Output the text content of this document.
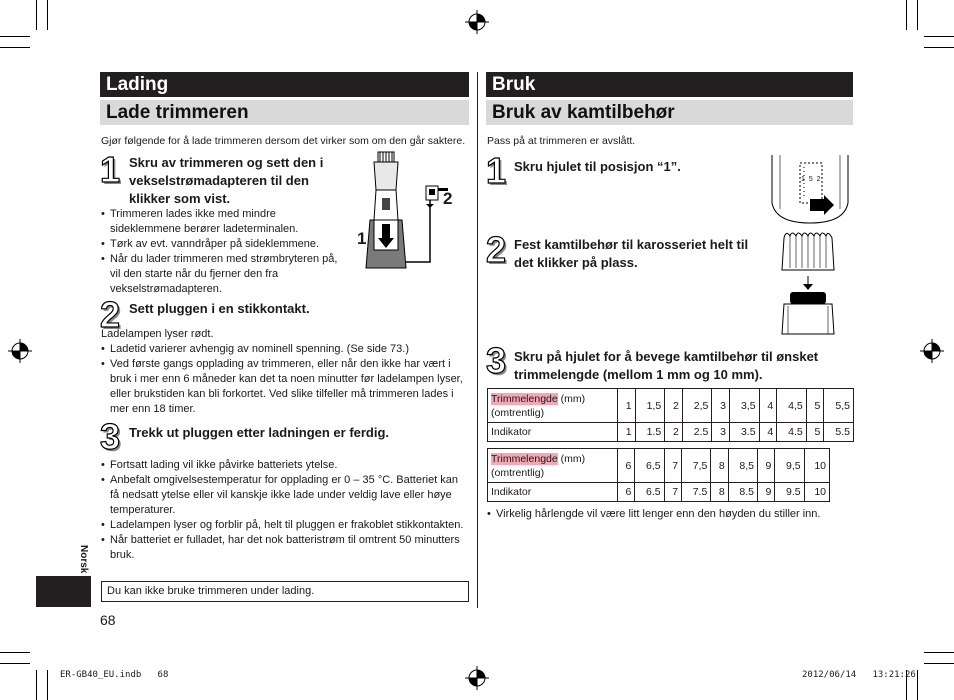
Lading
Lade trimmeren
Gjør følgende for å lade trimmeren dersom det virker som om den går saktere.
1 Skru av trimmeren og sett den i vekselstrømadapteren til den klikker som vist.
• Trimmeren lades ikke med mindre sideklemmene berører ladeterminalen.
• Tørk av evt. vanndråper på sideklemmene.
• Når du lader trimmeren med strømbryteren på, vil den starte når du fjerner den fra vekselstrømadapteren.
1
2
2 Sett pluggen i en stikkontakt.
Ladelampen lyser rødt.
• Ladetid varierer avhengig av nominell spenning. (Se side 73.)
• Ved første gangs opplading av trimmeren, eller når den ikke har vært i bruk i mer enn 6 måneder kan det ta noen minutter før ladelampen lyser, eller brukstiden kan bli forkortet. Ved slike tilfeller må trimmeren lades i mer enn 18 timer.
3 Trekk ut pluggen etter ladningen er ferdig.
• Fortsatt lading vil ikke påvirke batteriets ytelse.
• Anbefalt omgivelsestemperatur for opplading er 0 – 35 °C. Batteriet kan få nedsatt ytelse eller vil kanskje ikke lade under veldig lave eller høye temperaturer.
• Ladelampen lyser og forblir på, helt til pluggen er frakoblet stikkontakten.
• Når batteriet er fulladet, har det nok batteristrøm til omtrent 50 minutters bruk.
Du kan ikke bruke trimmeren under lading.
Norsk
68
Bruk
Bruk av kamtilbehør
Pass på at trimmeren er avslått.
1 Skru hjulet til posisjon “1”.
1 5 2
2 Fest kamtilbehør til karosseriet helt til det klikker på plass.
3 Skru på hjulet for å bevege kamtilbehør til ønsket trimmelengde (mellom 1 mm og 10 mm).
Trimmelengde (mm)
(omtrentlig)	1	1,5	2	2,5	3	3,5	4	4,5	5	5,5
Indikator	1	1.5	2	2.5	3	3.5	4	4.5	5	5.5
Trimmelengde (mm)
(omtrentlig)	6	6,5	7	7,5	8	8,5	9	9,5	10
Indikator	6	6.5	7	7.5	8	8.5	9	9.5	10
• Virkelig hårlengde vil være litt lenger enn den høyden du stiller inn.
ER-GB40_EU.indb   68	2012/06/14   13:21:26
